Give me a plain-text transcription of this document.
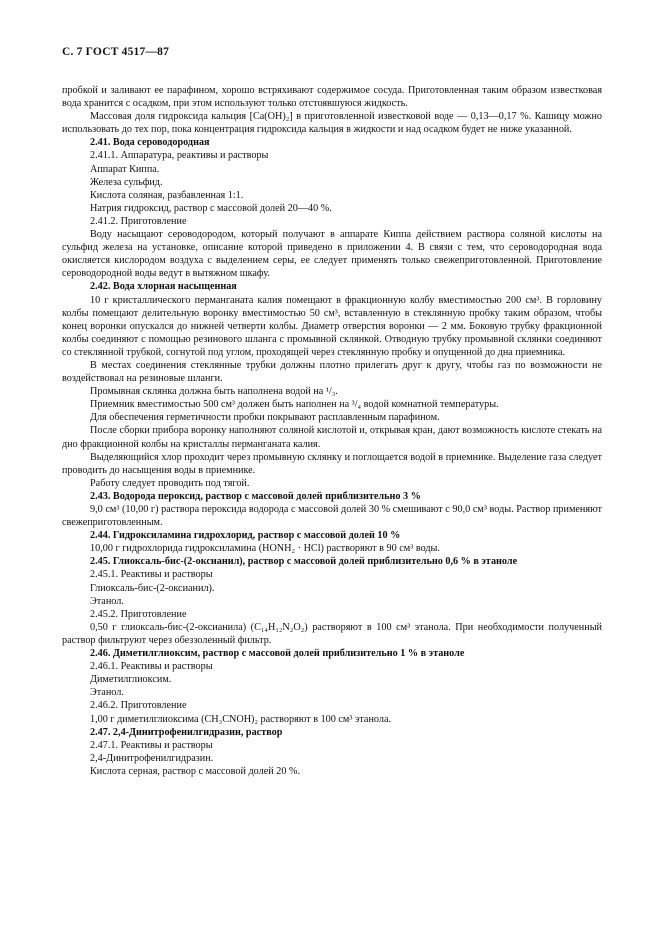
С. 7 ГОСТ 4517—87

пробкой и заливают ее парафином, хорошо встряхивают содержимое сосуда. Приготовленная таким образом известковая вода хранится с осадком, при этом используют только отстоявшуюся жидкость.

Массовая доля гидроксида кальция [Ca(OH)₂] в приготовленной известковой воде — 0,13—0,17 %. Кашицу можно использовать до тех пор, пока концентрация гидроксида кальция в жидкости и над осадком будет не ниже указанной.

2.41. Вода сероводородная

2.41.1. Аппаратура, реактивы и растворы

Аппарат Киппа.

Железа сульфид.

Кислота соляная, разбавленная 1:1.

Натрия гидроксид, раствор с массовой долей 20—40 %.

2.41.2. Приготовление

Воду насыщают сероводородом, который получают в аппарате Киппа действием раствора соляной кислоты на сульфид железа на установке, описание которой приведено в приложении 4. В связи с тем, что сероводородная вода окисляется кислородом воздуха с выделением серы, ее следует применять только свежеприготовленной. Приготовление сероводородной воды ведут в вытяжном шкафу.

2.42. Вода хлорная насыщенная

10 г кристаллического перманганата калия помещают в фракционную колбу вместимостью 200 см³. В горловину колбы помещают делительную воронку вместимостью 50 см³, вставленную в стеклянную пробку таким образом, чтобы конец воронки опускался до нижней четверти колбы. Диаметр отверстия воронки — 2 мм. Боковую трубку фракционной колбы соединяют с помощью резинового шланга с промывной склянкой. Отводную трубку промывной склянки соединяют со стеклянной трубкой, согнутой под углом, проходящей через стеклянную пробку и опущенной до дна приемника.

В местах соединения стеклянные трубки должны плотно прилегать друг к другу, чтобы газ по возможности не воздействовал на резиновые шланги.

Промывная склянка должна быть наполнена водой на ¹/₃.

Приемник вместимостью 500 см³ должен быть наполнен на ³/₄ водой комнатной температуры.

Для обеспечения герметичности пробки покрывают расплавленным парафином.

После сборки прибора воронку наполняют соляной кислотой и, открывая кран, дают возможность кислоте стекать на дно фракционной колбы на кристаллы перманганата калия.

Выделяющийся хлор проходит через промывную склянку и поглощается водой в приемнике. Выделение газа следует проводить до насыщения воды в приемнике.

Работу следует проводить под тягой.

2.43. Водорода пероксид, раствор с массовой долей приблизительно 3 %

9,0 см³ (10,00 г) раствора пероксида водорода с массовой долей 30 % смешивают с 90,0 см³ воды. Раствор применяют свежеприготовленным.

2.44. Гидроксиламина гидрохлорид, раствор с массовой долей 10 %

10,00 г гидрохлорида гидроксиламина (HONH₂ · HCl) растворяют в 90 см³ воды.

2.45. Глиоксаль-бис-(2-оксианил), раствор с массовой долей приблизительно 0,6 % в этаноле

2.45.1. Реактивы и растворы

Глиоксаль-бис-(2-оксианил).

Этанол.

2.45.2. Приготовление

0,50 г глиоксаль-бис-(2-оксианила) (C₁₄H₁₂N₂O₂) растворяют в 100 см³ этанола. При необходимости полученный раствор фильтруют через обеззоленный фильтр.

2.46. Диметилглиоксим, раствор с массовой долей приблизительно 1 % в этаноле

2.46.1. Реактивы и растворы

Диметилглиоксим.

Этанол.

2.46.2. Приготовление

1,00 г диметилглиоксима (CH₃CNOH)₂ растворяют в 100 см³ этанола.

2.47. 2,4-Динитрофенилгидразин, раствор

2.47.1. Реактивы и растворы

2,4-Динитрофенилгидразин.

Кислота серная, раствор с массовой долей 20 %.
